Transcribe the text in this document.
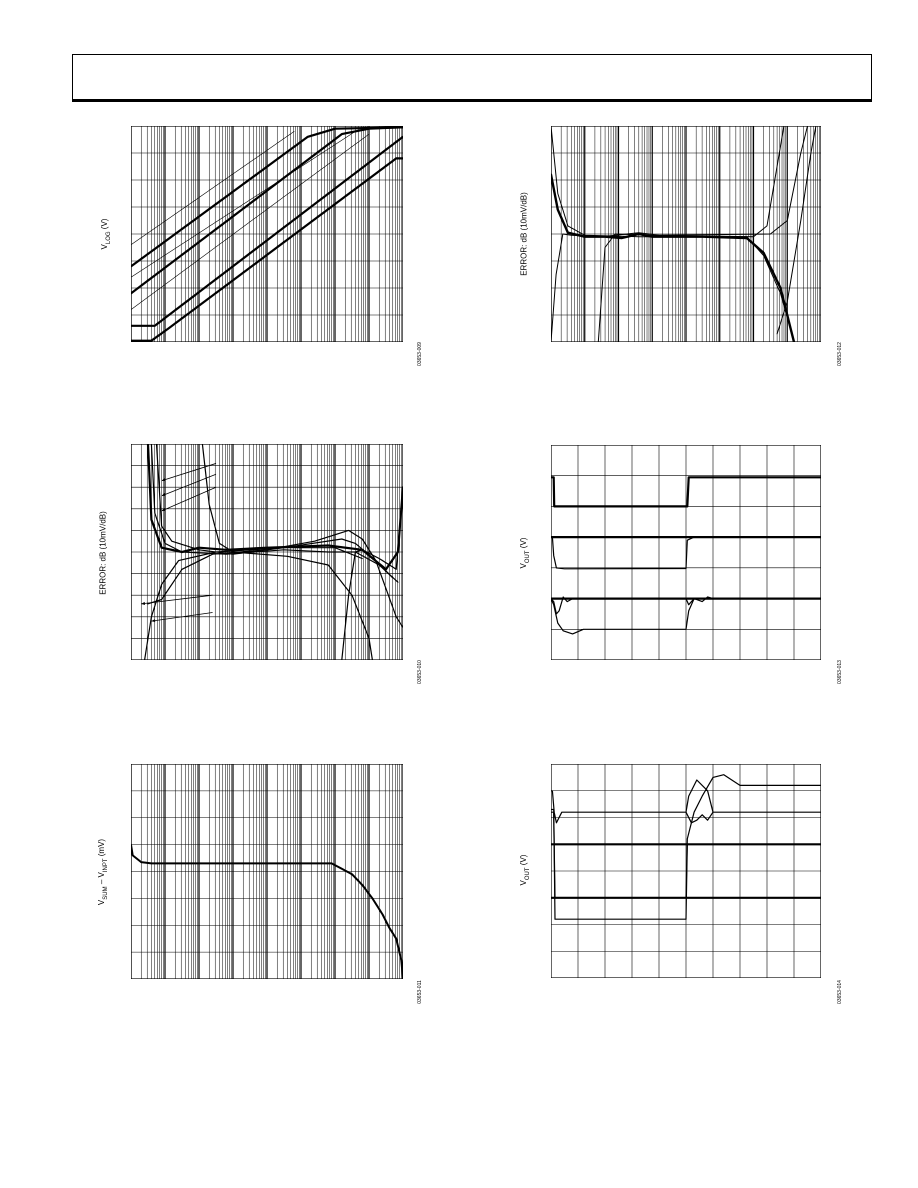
$V_{LOG}$ (V)
03653-009
ERROR: dB (10mV/dB)
03653-012
ERROR: dB (10mV/dB)
03653-010
$V_{OUT}$ (V)
03653-013
$V_{SUM} - V_{INPT}$ (mV)
03653-011
$V_{OUT}$ (V)
03653-014
